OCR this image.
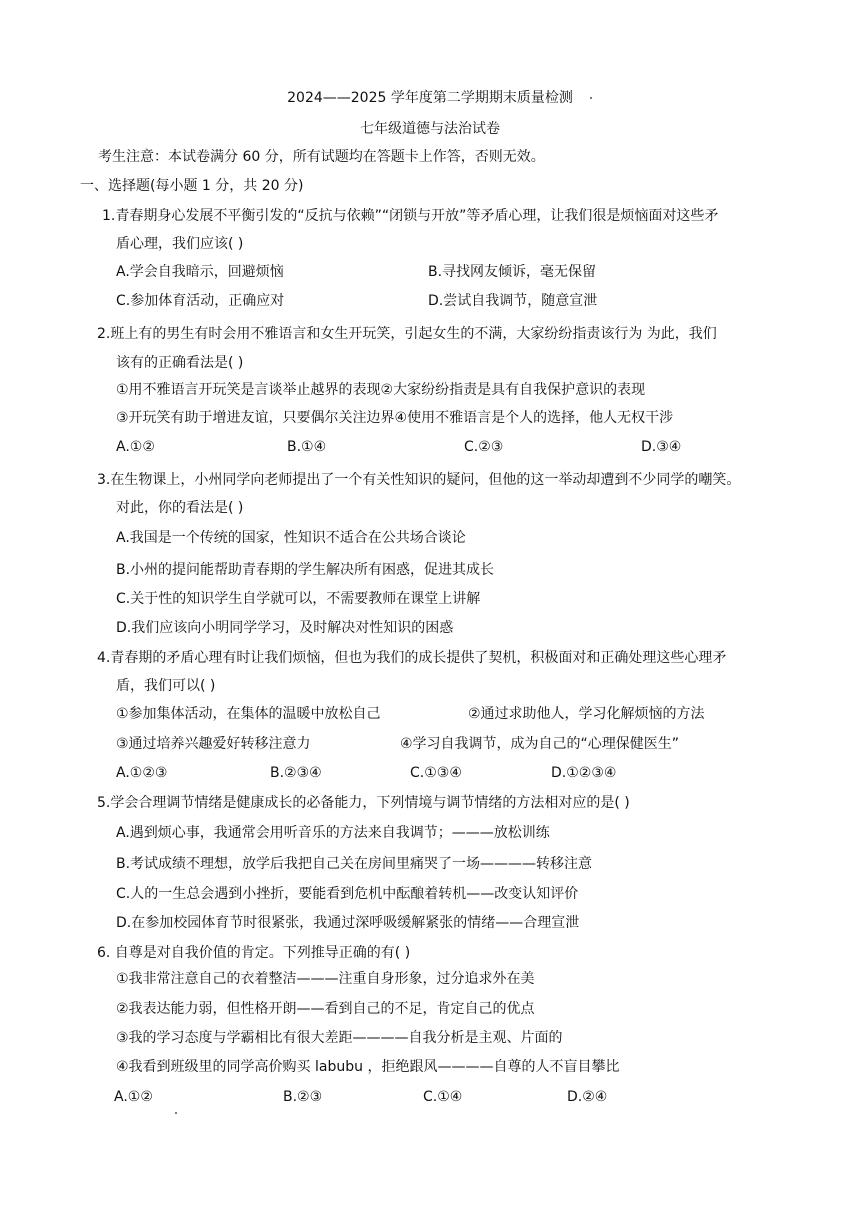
2024——2025 学年度第二学期期末质量检测
七年级道德与法治试卷
考生注意：本试卷满分 60 分，所有试题均在答题卡上作答，否则无效。
一、选择题(每小题 1 分，共 20 分)
1.青春期身心发展不平衡引发的“反抗与依赖”“闭锁与开放”等矛盾心理，让我们很是烦恼面对这些矛
盾心理，我们应该( )
A.学会自我暗示，回避烦恼	B.寻找网友倾诉，毫无保留
C.参加体育活动，正确应对	D.尝试自我调节，随意宣泄
2.班上有的男生有时会用不雅语言和女生开玩笑，引起女生的不满，大家纷纷指责该行为 为此，我们
该有的正确看法是( )
①用不雅语言开玩笑是言谈举止越界的表现②大家纷纷指责是具有自我保护意识的表现
③开玩笑有助于增进友谊，只要偶尔关注边界④使用不雅语言是个人的选择，他人无权干涉
A.①②	B.①④	C.②③	D.③④
3.在生物课上，小州同学向老师提出了一个有关性知识的疑问，但他的这一举动却遭到不少同学的嘲笑。
对此，你的看法是( )
A.我国是一个传统的国家，性知识不适合在公共场合谈论
B.小州的提问能帮助青春期的学生解决所有困惑，促进其成长
C.关于性的知识学生自学就可以，不需要教师在课堂上讲解
D.我们应该向小明同学学习，及时解决对性知识的困惑
4.青春期的矛盾心理有时让我们烦恼，但也为我们的成长提供了契机，积极面对和正确处理这些心理矛
盾，我们可以( )
①参加集体活动，在集体的温暖中放松自己	②通过求助他人，学习化解烦恼的方法
③通过培养兴趣爱好转移注意力	④学习自我调节，成为自己的“心理保健医生”
A.①②③	B.②③④	C.①③④	D.①②③④
5.学会合理调节情绪是健康成长的必备能力，下列情境与调节情绪的方法相对应的是( )
A.遇到烦心事，我通常会用听音乐的方法来自我调节；———放松训练
B.考试成绩不理想，放学后我把自己关在房间里痛哭了一场————转移注意
C.人的一生总会遇到小挫折，要能看到危机中酝酿着转机——改变认知评价
D.在参加校园体育节时很紧张，我通过深呼吸缓解紧张的情绪——合理宣泄
6. 自尊是对自我价值的肯定。下列推导正确的有( )
①我非常注意自己的衣着整洁———注重自身形象，过分追求外在美
②我表达能力弱，但性格开朗——看到自己的不足，肯定自己的优点
③我的学习态度与学霸相比有很大差距————自我分析是主观、片面的
④我看到班级里的同学高价购买 labubu ，拒绝跟风————自尊的人不盲目攀比
A.①②	B.②③	C.①④	D.②④
